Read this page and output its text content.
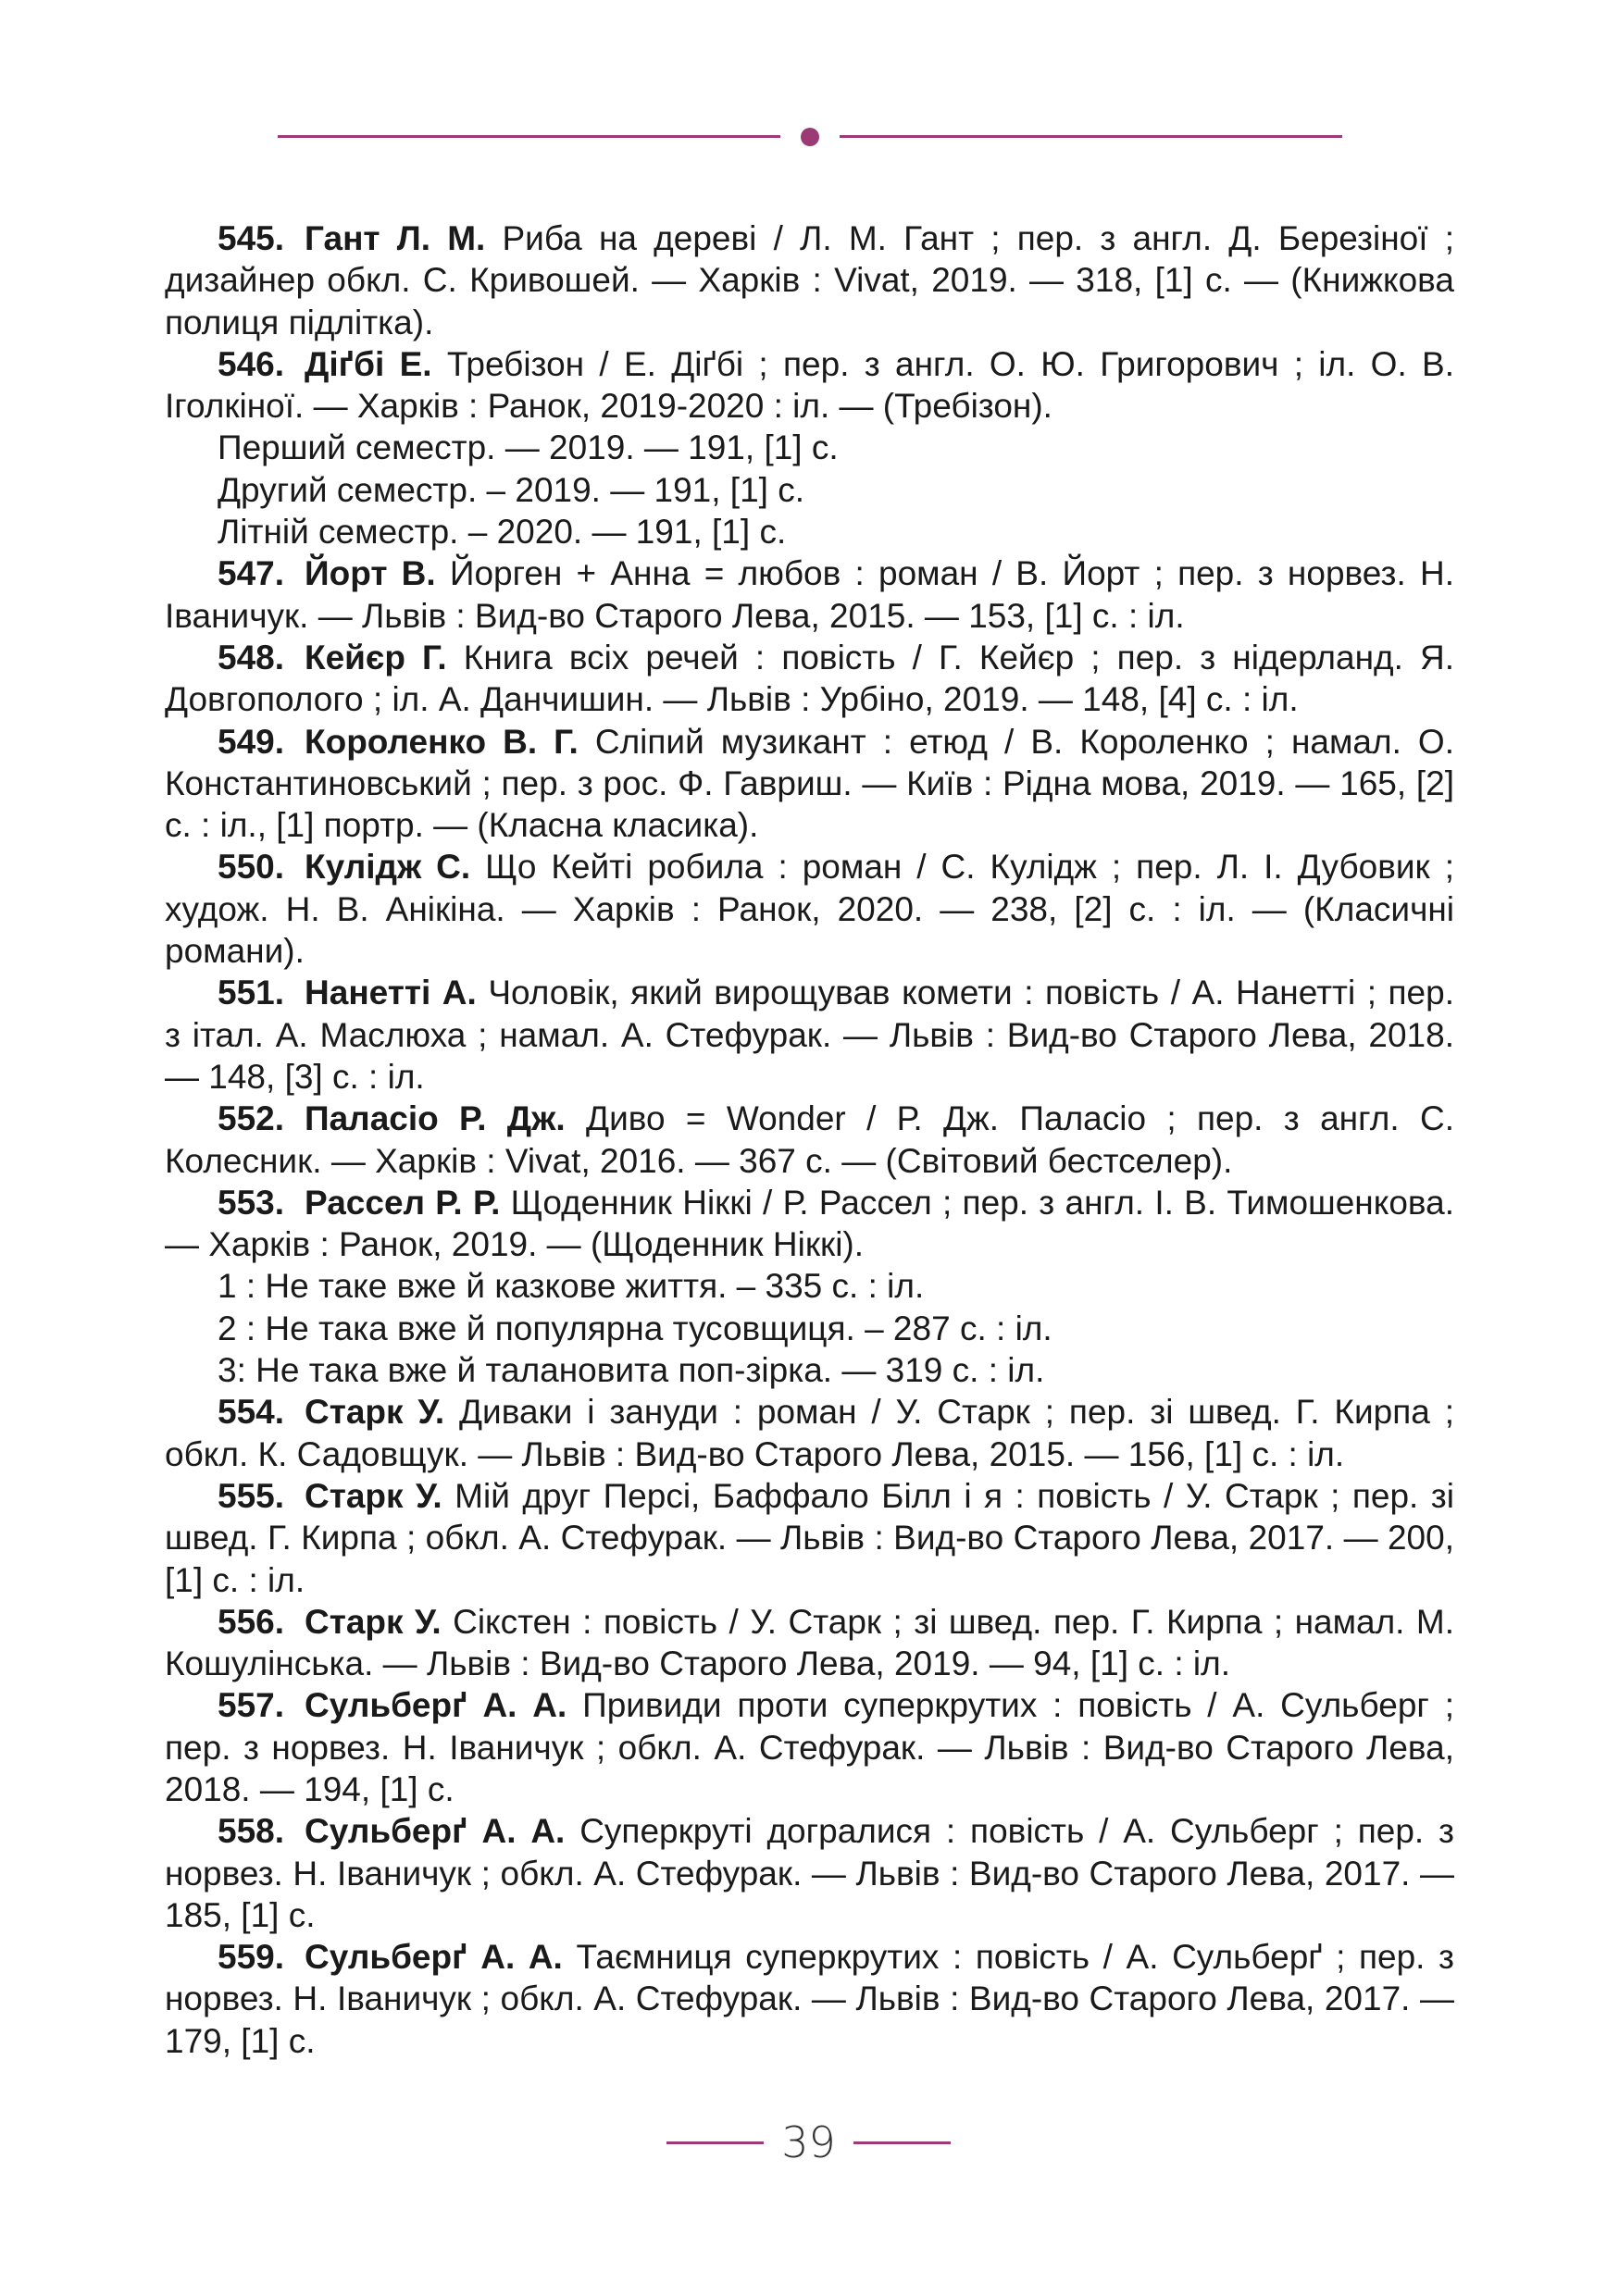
545. Гант Л. М. Риба на дереві / Л. М. Гант ; пер. з англ. Д. Березіної ; дизайнер обкл. С. Кривошей. — Харків : Vivat, 2019. — 318, [1] с. — (Книжкова полиця підлітка).

546. Діґбі Е. Требізон / Е. Діґбі ; пер. з англ. О. Ю. Григорович ; іл. О. В. Іголкіної. — Харків : Ранок, 2019-2020 : іл. — (Требізон).

Перший семестр. — 2019. — 191, [1] с.

Другий семестр. – 2019. — 191, [1] с.

Літній семестр. – 2020. — 191, [1] с.

547. Йорт В. Йорген + Анна = любов : роман / В. Йорт ; пер. з норвез. Н. Іваничук. — Львів : Вид-во Старого Лева, 2015. — 153, [1] с. : іл.

548. Кейєр Г. Книга всіх речей : повість / Г. Кейєр ; пер. з нідерланд. Я. Довгополого ; іл. А. Данчишин. — Львів : Урбіно, 2019. — 148, [4] с. : іл.

549. Короленко В. Г. Сліпий музикант : етюд / В. Короленко ; намал. О. Константиновський ; пер. з рос. Ф. Гавриш. — Київ : Рідна мова, 2019. — 165, [2] с. : іл., [1] портр. — (Класна класика).

550. Кулідж С. Що Кейті робила : роман / С. Кулідж ; пер. Л. І. Дубовик ; худож. Н. В. Анікіна. — Харків : Ранок, 2020. — 238, [2] с. : іл. — (Класичні романи).

551. Нанетті А. Чоловік, який вирощував комети : повість / А. Нанетті ; пер. з італ. А. Маслюха ; намал. А. Стефурак. — Львів : Вид-во Старого Лева, 2018. — 148, [3] с. : іл.

552. Паласіо Р. Дж. Диво = Wonder / Р. Дж. Паласіо ; пер. з англ. С. Колесник. — Харків : Vivat, 2016. — 367 с. — (Світовий бестселер).

553. Рассел Р. Р. Щоденник Ніккі / Р. Рассел ; пер. з англ. І. В. Тимошенкова. — Харків : Ранок, 2019. — (Щоденник Ніккі).

1 : Не таке вже й казкове життя. – 335 с. : іл.

2 : Не така вже й популярна тусовщиця. – 287 с. : іл.

3: Не така вже й талановита поп-зірка. — 319 с. : іл.

554. Старк У. Диваки і зануди : роман / У. Старк ; пер. зі швед. Г. Кирпа ; обкл. К. Садовщук. — Львів : Вид-во Старого Лева, 2015. — 156, [1] с. : іл.

555. Старк У. Мій друг Персі, Баффало Білл і я : повість / У. Старк ; пер. зі швед. Г. Кирпа ; обкл. А. Стефурак. — Львів : Вид-во Старого Лева, 2017. — 200, [1] с. : іл.

556. Старк У. Сікстен : повість / У. Старк ; зі швед. пер. Г. Кирпа ; намал. М. Кошулінська. — Львів : Вид-во Старого Лева, 2019. — 94, [1] с. : іл.

557. Сульберґ А. А. Привиди проти суперкрутих : повість / А. Сульберг ; пер. з норвез. Н. Іваничук ; обкл. А. Стефурак. — Львів : Вид-во Старого Лева, 2018. — 194, [1] с.

558. Сульберґ А. А. Суперкруті догралися : повість / А. Сульберг ; пер. з норвез. Н. Іваничук ; обкл. А. Стефурак. — Львів : Вид-во Старого Лева, 2017. — 185, [1] с.

559. Сульберґ А. А. Таємниця суперкрутих : повість / А. Сульберґ ; пер. з норвез. Н. Іваничук ; обкл. А. Стефурак. — Львів : Вид-во Старого Лева, 2017. — 179, [1] с.

39
